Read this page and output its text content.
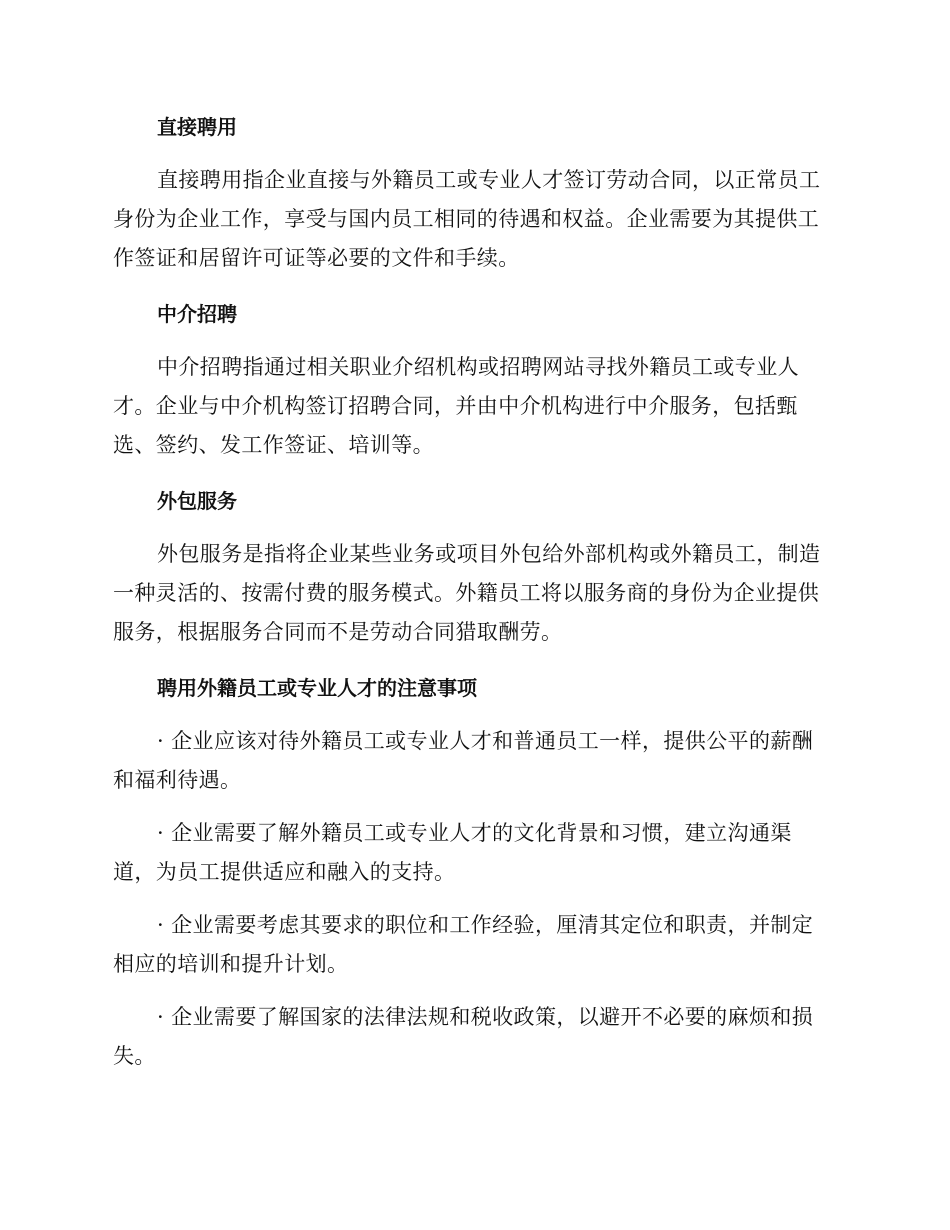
直接聘用

直接聘用指企业直接与外籍员工或专业人才签订劳动合同，以正常员工身份为企业工作，享受与国内员工相同的待遇和权益。企业需要为其提供工作签证和居留许可证等必要的文件和手续。

中介招聘

中介招聘指通过相关职业介绍机构或招聘网站寻找外籍员工或专业人才。企业与中介机构签订招聘合同，并由中介机构进行中介服务，包括甄选、签约、发工作签证、培训等。

外包服务

外包服务是指将企业某些业务或项目外包给外部机构或外籍员工，制造一种灵活的、按需付费的服务模式。外籍员工将以服务商的身份为企业提供服务，根据服务合同而不是劳动合同猎取酬劳。

聘用外籍员工或专业人才的注意事项

· 企业应该对待外籍员工或专业人才和普通员工一样，提供公平的薪酬和福利待遇。

· 企业需要了解外籍员工或专业人才的文化背景和习惯，建立沟通渠道，为员工提供适应和融入的支持。

· 企业需要考虑其要求的职位和工作经验，厘清其定位和职责，并制定相应的培训和提升计划。

· 企业需要了解国家的法律法规和税收政策，以避开不必要的麻烦和损失。
